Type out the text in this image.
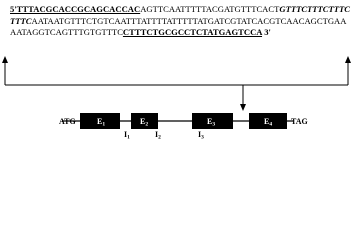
5'TTTACGCACCGCAGCACCACAGTTCAATTTTTACGATGTTTCACTGTTTCTTTCTTTC
TTTCAATAATGTTTCTGTCAATTTATTTTATTTTTATGATCGTATCACGTCAACAGCTGAA
AATAGGTCAGTTTGTGTTTCCTTTCTGCGCCTCTATGAGTCCA 3'
ATG	TAG
E1	E2	E3	E4
I1	I2	I3
